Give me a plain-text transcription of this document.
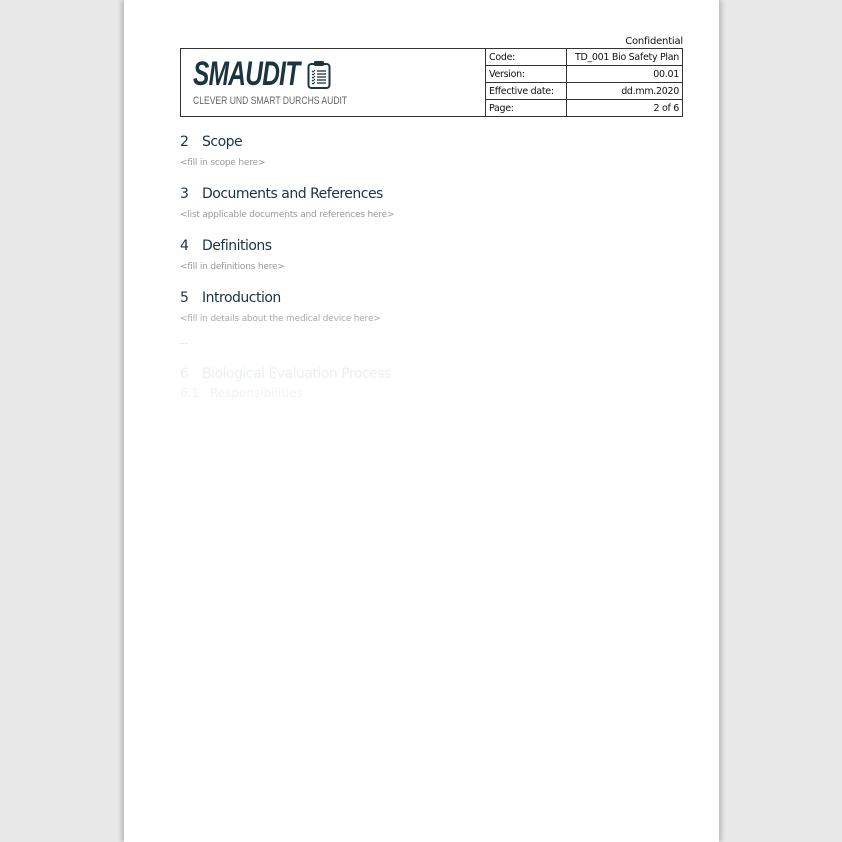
Confidential
SMAUDIT
CLEVER UND SMART DURCHS AUDIT
Code:	TD_001 Bio Safety Plan
Version:	00.01
Effective date:	dd.mm.2020
Page:	2 of 6
2 Scope
<fill in scope here>
3 Documents and References
<list applicable documents and references here>
4 Definitions
<fill in definitions here>
5 Introduction
<fill in details about the medical device here>
...
6 Biological Evaluation Process
6.1 Responsibilities
